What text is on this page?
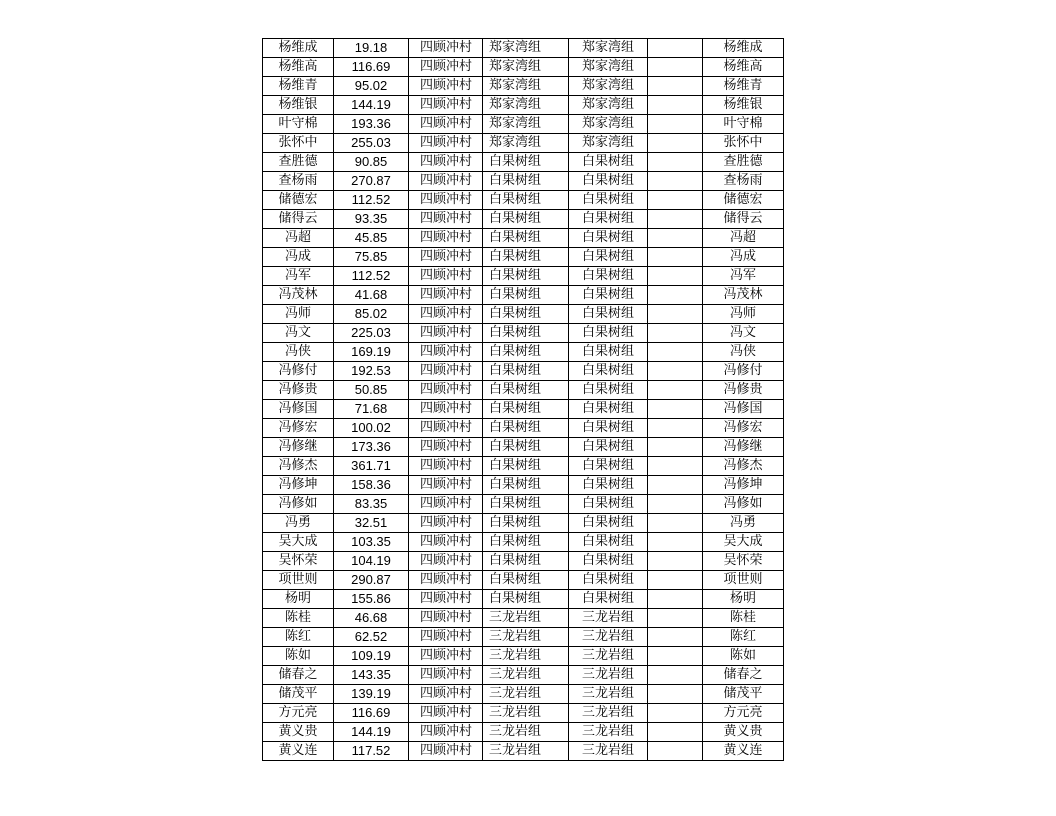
杨维成	19.18	四顾冲村	郑家湾组	郑家湾组		杨维成
杨维高	116.69	四顾冲村	郑家湾组	郑家湾组		杨维高
杨维青	95.02	四顾冲村	郑家湾组	郑家湾组		杨维青
杨维银	144.19	四顾冲村	郑家湾组	郑家湾组		杨维银
叶守棉	193.36	四顾冲村	郑家湾组	郑家湾组		叶守棉
张怀中	255.03	四顾冲村	郑家湾组	郑家湾组		张怀中
查胜德	90.85	四顾冲村	白果树组	白果树组		查胜德
查杨雨	270.87	四顾冲村	白果树组	白果树组		查杨雨
储德宏	112.52	四顾冲村	白果树组	白果树组		储德宏
储得云	93.35	四顾冲村	白果树组	白果树组		储得云
冯超	45.85	四顾冲村	白果树组	白果树组		冯超
冯成	75.85	四顾冲村	白果树组	白果树组		冯成
冯军	112.52	四顾冲村	白果树组	白果树组		冯军
冯茂林	41.68	四顾冲村	白果树组	白果树组		冯茂林
冯师	85.02	四顾冲村	白果树组	白果树组		冯师
冯文	225.03	四顾冲村	白果树组	白果树组		冯文
冯侠	169.19	四顾冲村	白果树组	白果树组		冯侠
冯修付	192.53	四顾冲村	白果树组	白果树组		冯修付
冯修贵	50.85	四顾冲村	白果树组	白果树组		冯修贵
冯修国	71.68	四顾冲村	白果树组	白果树组		冯修国
冯修宏	100.02	四顾冲村	白果树组	白果树组		冯修宏
冯修继	173.36	四顾冲村	白果树组	白果树组		冯修继
冯修杰	361.71	四顾冲村	白果树组	白果树组		冯修杰
冯修坤	158.36	四顾冲村	白果树组	白果树组		冯修坤
冯修如	83.35	四顾冲村	白果树组	白果树组		冯修如
冯勇	32.51	四顾冲村	白果树组	白果树组		冯勇
吴大成	103.35	四顾冲村	白果树组	白果树组		吴大成
吴怀荣	104.19	四顾冲村	白果树组	白果树组		吴怀荣
项世则	290.87	四顾冲村	白果树组	白果树组		项世则
杨明	155.86	四顾冲村	白果树组	白果树组		杨明
陈桂	46.68	四顾冲村	三龙岩组	三龙岩组		陈桂
陈红	62.52	四顾冲村	三龙岩组	三龙岩组		陈红
陈如	109.19	四顾冲村	三龙岩组	三龙岩组		陈如
储春之	143.35	四顾冲村	三龙岩组	三龙岩组		储春之
储茂平	139.19	四顾冲村	三龙岩组	三龙岩组		储茂平
方元亮	116.69	四顾冲村	三龙岩组	三龙岩组		方元亮
黄义贵	144.19	四顾冲村	三龙岩组	三龙岩组		黄义贵
黄义连	117.52	四顾冲村	三龙岩组	三龙岩组		黄义连
